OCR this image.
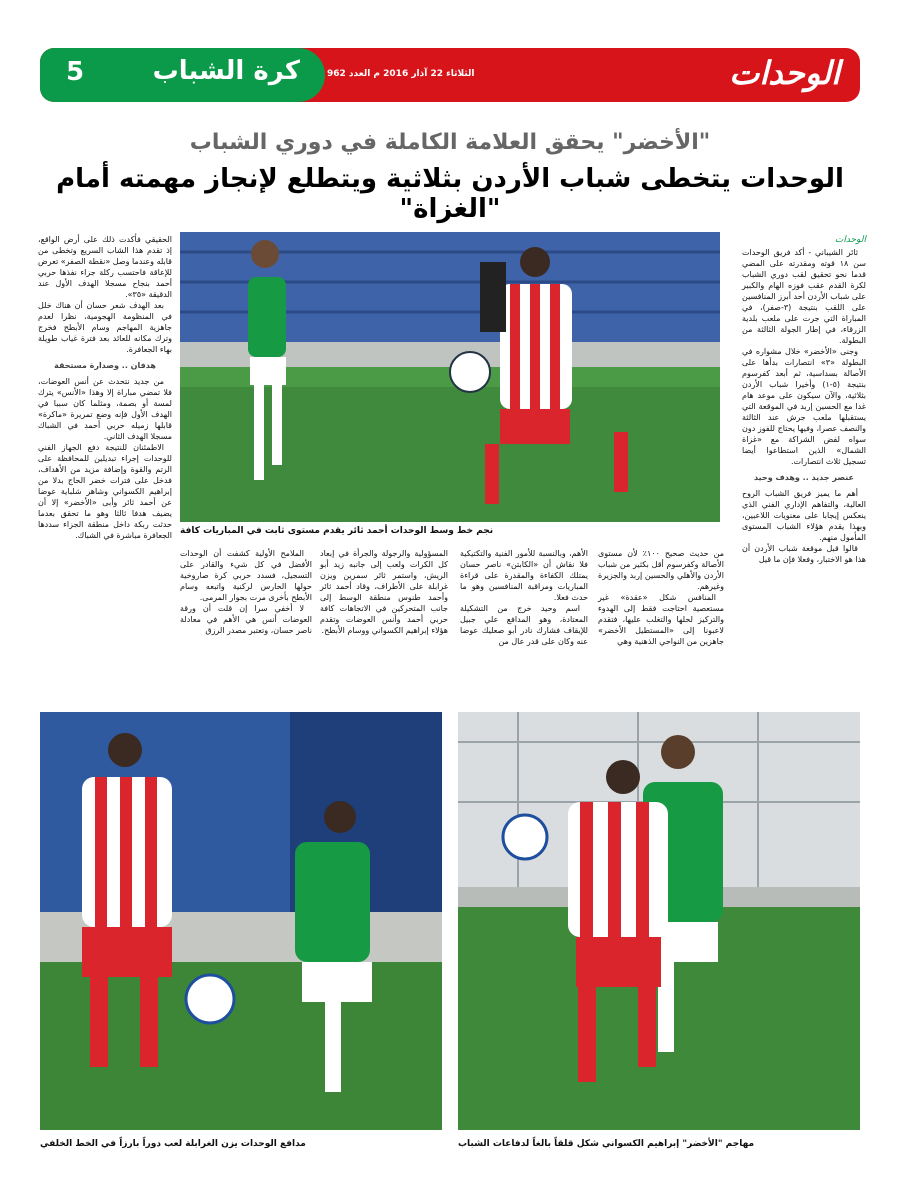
5	كرة الشباب	الثلاثاء 22 آذار 2016 م العدد 962	الوحدات
"الأخضر" يحقق العلامة الكاملة في دوري الشباب
الوحدات يتخطى شباب الأردن بثلاثية ويتطلع لإنجاز مهمته أمام "الغزاة"
الوحدات

ثائر الشيباني - أكد فريق الوحدات سن ١٨ قوته ومقدرته على المضي قدما نحو تحقيق لقب دوري الشباب لكرة القدم عقب فوزه الهام والكبير على شباب الأردن أحد أبرز المنافسين على اللقب بنتيجة (٣-صفر)، في المباراة التي جرت على ملعب بلدية الزرقاء، في إطار الجولة الثالثة من البطولة.

وجنى «الأخضر» خلال مشواره في البطولة «٣» انتصارات بدأها على الأصالة بسداسية، ثم أبعد كفرسوم بنتيجة (٥-١) وأخيرا شباب الأردن بثلاثية، والآن سيكون على موعد هام غدا مع الحسين إربد في الموقعة التي يستقبلها ملعب جرش عند الثالثة والنصف عصرا، وفيها يحتاج للفوز دون سواه لفض الشراكة مع «غزاة الشمال» الذين استطاعوا أيضا تسجيل ثلاث انتصارات.

عنصر جديد .. وهدف وحيد

أهم ما يميز فريق الشباب الروح العالية، والتفاهم الإداري الفني الذي ينعكس إيجابا على معنويات اللاعبين، وبهذا يقدم هؤلاء الشباب المستوى المأمول منهم.

قالوا قبل موقعة شباب الأردن أن هذا هو الاختبار، وفعلا فإن ما قيل

نجم خط وسط الوحدات أحمد ثائر يقدم مستوى ثابت في المباريات كافة

من حديث صحيح ١٠٠٪ لأن مستوى الأصالة وكفرسوم أقل بكثير من شباب الأردن والأهلي والحسين إربد والجزيرة وغيرهم.

المنافس شكل «عقدة» غير مستعصية احتاجت فقط إلى الهدوء والتركيز لحلها والتغلب عليها، فتقدم لاعبونا إلى «المستطيل الأخضر» جاهزين من النواحي الذهنية وهي

الأهم، وبالنسبة للأمور الفنية والتكتيكية فلا نقاش أن «الكابتن» ناصر حسان يمتلك الكفاءة والمقدرة على قراءة المباريات ومراقبة المنافسين وهو ما حدث فعلا.

اسم وحيد خرج من التشكيلة المعتادة، وهو المدافع علي جبيل للإيقاف فشارك نادر أبو صعليك عوضا عنه وكان على قدر عال من

المسؤولية والرجولة والجرأة في إبعاد كل الكرات ولعب إلى جانبه زيد أبو الريش، واستمر ثائر سمرين ويزن غرابلة على الأطراف، وقاد أحمد ثائر وأحمد طنوس منطقة الوسط إلى جانب المتحركين في الاتجاهات كافة حربي أحمد وأنس العوضات وتقدم هؤلاء إبراهيم الكسواني ووسام الأبطح.

الملامح الأولية كشفت أن الوحدات الأفضل في كل شيء والقادر على التسجيل، فسدد حربي كرة صاروخية حولها الحارس لركنية واتبعه وسام الأبطح بأخرى مرت بجوار المرمى.

لا أخفي سرا إن قلت أن ورقة العوضات أنس هي الأهم في معادلة ناصر حسان، وتعتبر مصدر الرزق

الحقيقي فأكدت ذلك على أرض الواقع، إذ تقدم هذا الشاب السريع وتخطى من قابله وعندما وصل «نقطة الصفر» تعرض للإعاقة فاحتسب ركلة جزاء نفذها حربي أحمد بنجاح مسجلا الهدف الأول عند الدقيقة «٣٥».

بعد الهدف شعر حسان أن هناك خلل في المنظومة الهجومية، نظرا لعدم جاهزية المهاجم وسام الأبطح فخرج وترك مكانه للعائد بعد فترة غياب طويلة بهاء الجعافرة.

هدفان .. وصدارة مستحقة

من جديد نتحدث عن أنس العوضات، فلا تمضي مباراة إلا وهذا «الأنس» يترك لمسة أو بصمة، ومثلما كان سببا في الهدف الأول فإنه وضع تمريرة «ماكرة» قابلها زميله حربي أحمد في الشباك مسجلا الهدف الثاني.

الاطمئنان للنتيجة دفع الجهاز الفني للوحدات إجراء تبديلين للمحافظة على الرتم والقوة وإضافة مزيد من الأهداف، فدخل على فترات خضر الحاج بدلا من إبراهيم الكسواني وشاهر شلباية عوضا عن أحمد ثائر وأبى «الأخضر» إلا أن يضيف هدفا ثالثا وهو ما تحقق بعدما حدثت ربكة داخل منطقة الجزاء سددها الجعافرة مباشرة في الشباك.

مدافع الوحدات يزن الغرابلة لعب دوراً بارزاً في الخط الخلفي	مهاجم "الأخضر" إبراهيم الكسواني شكل قلقاً بالغاً لدفاعات الشباب
